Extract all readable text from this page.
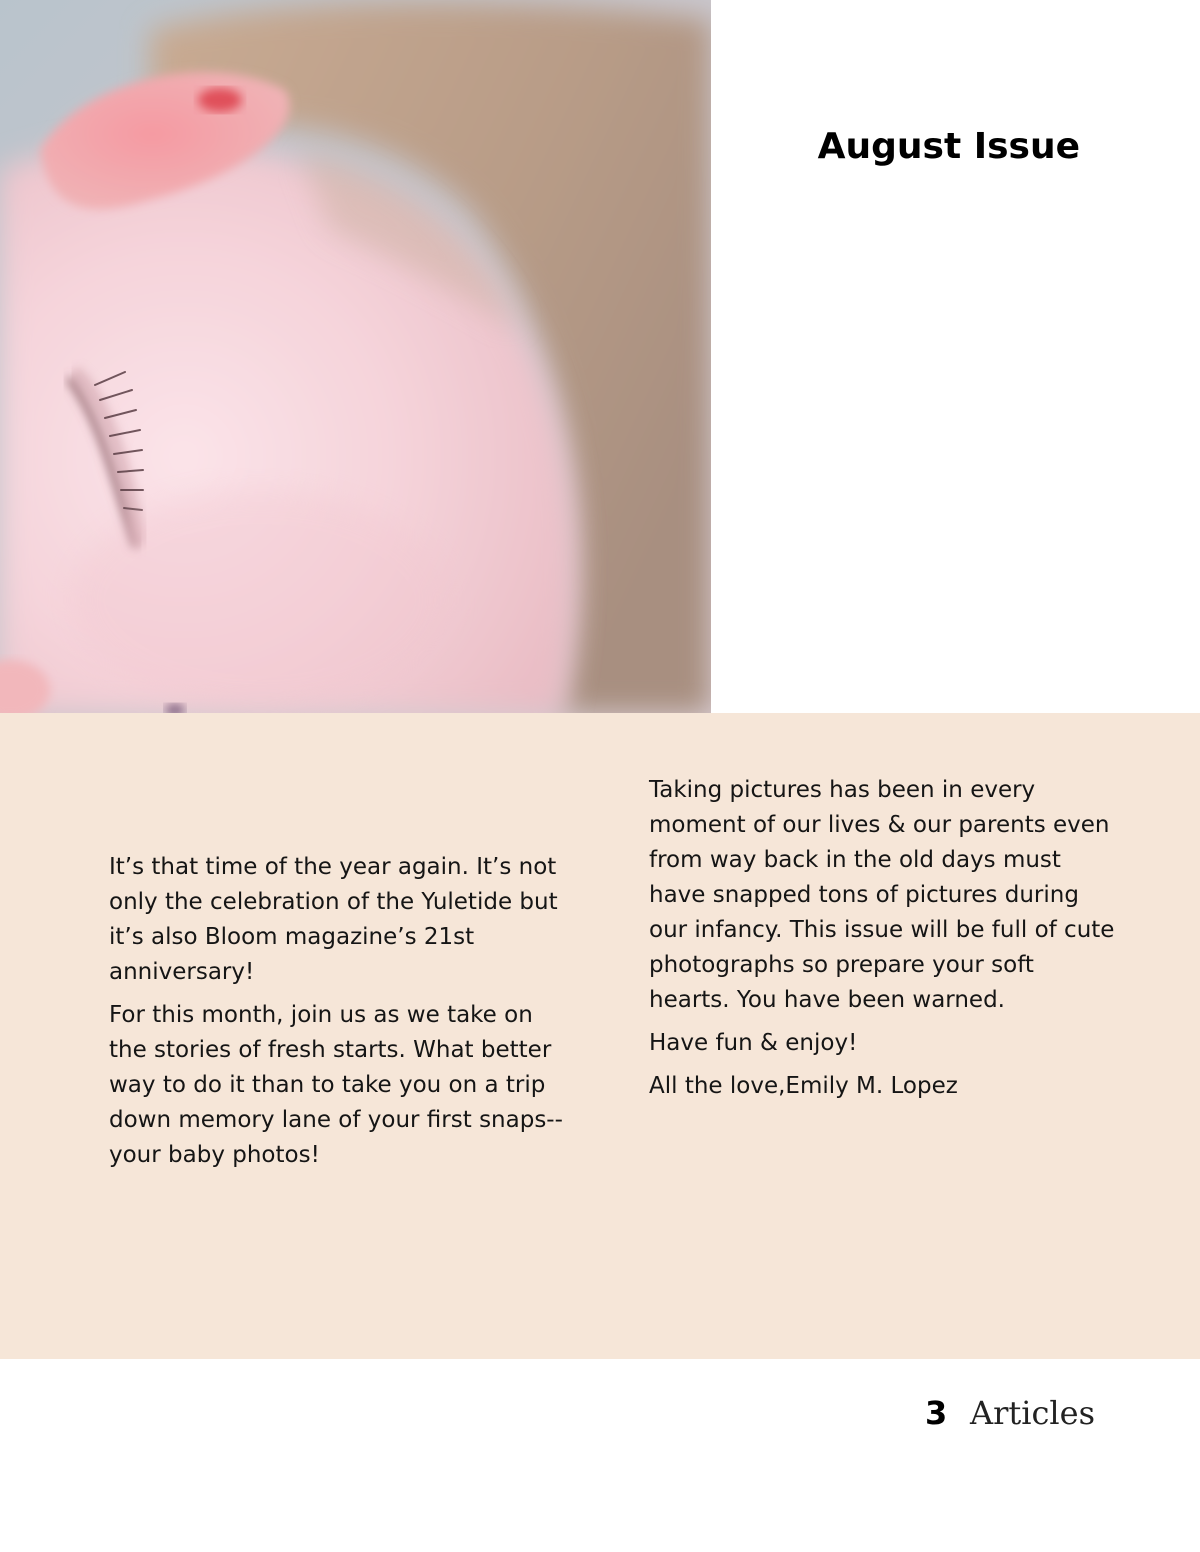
August Issue

It’s that time of the year again. It’s not only the celebration of the Yuletide but it’s also Bloom magazine’s 21st anniversary!

For this month, join us as we take on the stories of fresh starts. What better way to do it than to take you on a trip down memory lane of your first snaps-- your baby photos!

Taking pictures has been in every moment of our lives & our parents even from way back in the old days must have snapped tons of pictures during our infancy. This issue will be full of cute photographs so prepare your soft hearts. You have been warned.

Have fun & enjoy!

All the love,Emily M. Lopez

3 Articles
